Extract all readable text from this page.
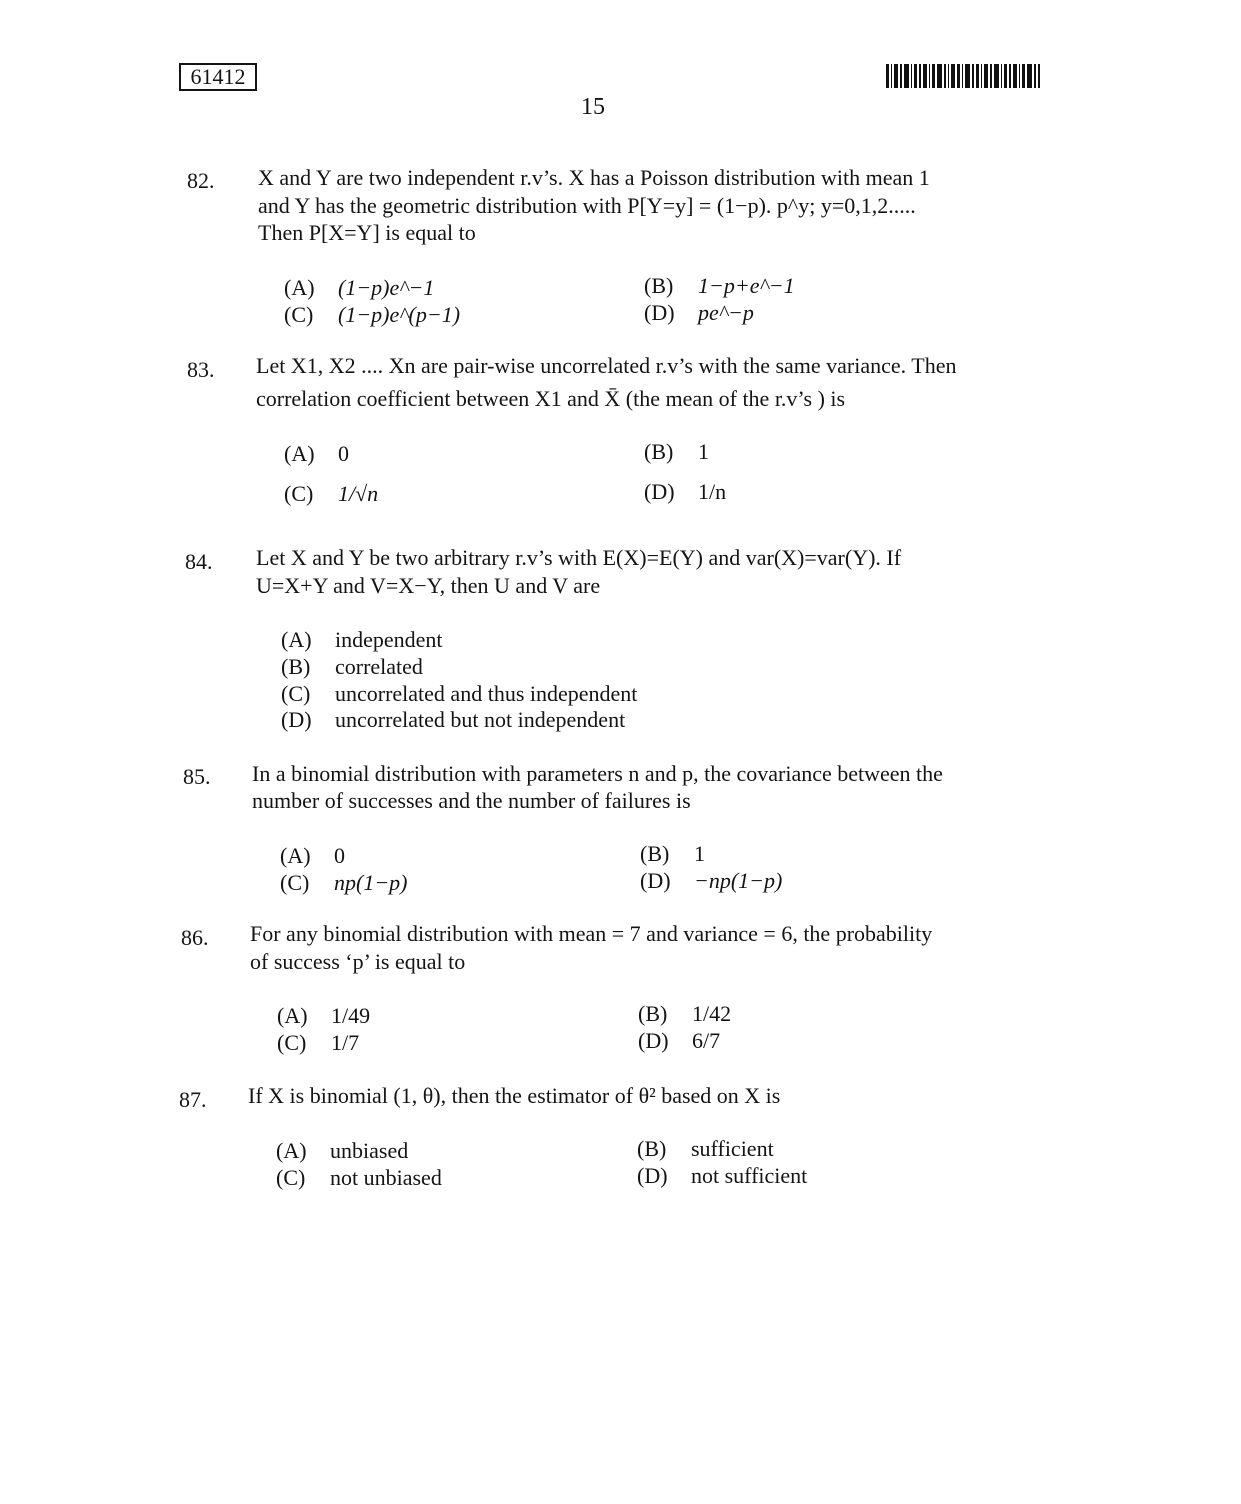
61412
15
82.	X and Y are two independent r.v’s. X has a Poisson distribution with mean 1
and Y has the geometric distribution with P[Y=y] = (1−p). p^y; y=0,1,2.....
Then P[X=Y] is equal to
(A) (1−p)e^−1	(B) 1−p+e^−1
(C) (1−p)e^(p−1)	(D) pe^−p
83.	Let X1, X2 .... Xn are pair-wise uncorrelated r.v’s with the same variance. Then
correlation coefficient between X1 and X̄ (the mean of the r.v’s ) is
(A) 0	(B) 1
(C) 1/√n	(D) 1/n
84.	Let X and Y be two arbitrary r.v’s with E(X)=E(Y) and var(X)=var(Y). If
U=X+Y and V=X−Y, then U and V are
(A) independent
(B) correlated
(C) uncorrelated and thus independent
(D) uncorrelated but not independent
85.	In a binomial distribution with parameters n and p, the covariance between the
number of successes and the number of failures is
(A) 0	(B) 1
(C) np(1−p)	(D) −np(1−p)
86.	For any binomial distribution with mean = 7 and variance = 6, the probability
of success ‘p’ is equal to
(A) 1/49	(B) 1/42
(C) 1/7	(D) 6/7
87.	If X is binomial (1, θ), then the estimator of θ² based on X is
(A) unbiased	(B) sufficient
(C) not unbiased	(D) not sufficient
